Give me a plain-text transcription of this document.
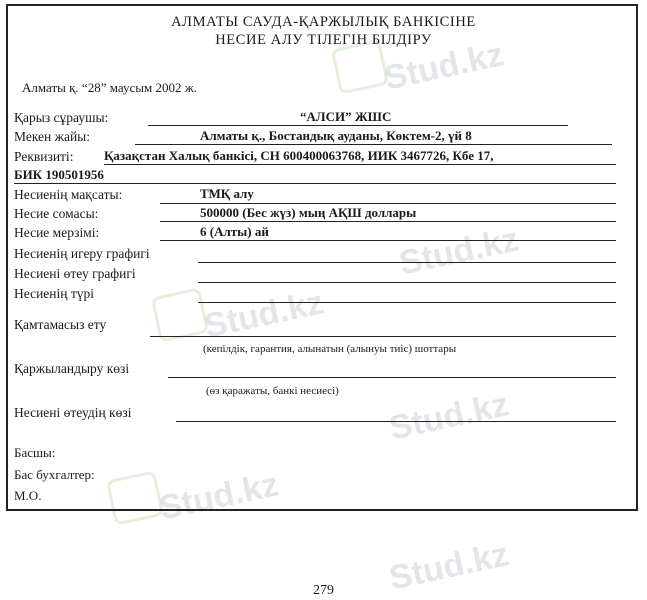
Stud.kz
Stud.kz
Stud.kz
Stud.kz
Stud.kz
Stud.kz
АЛМАТЫ САУДА-ҚАРЖЫЛЫҚ БАНКІСІНЕ
НЕСИЕ АЛУ ТІЛЕГІН БІЛДІРУ
Алматы қ. “28” маусым 2002 ж.
Қарыз сұраушы:	“АЛСИ” ЖШС
Мекен жайы:	Алматы қ., Бостандық ауданы, Көктем-2, үй 8
Реквизиті: Қазақстан Халық банкісі, СН 600400063768, ИИК 3467726, Кбе 17,
БИК 190501956
Несиенің мақсаты:	ТМҚ алу
Несие сомасы:	500000 (Бес жүз) мың АҚШ доллары
Несие мерзімі:	6 (Алты) ай
Несиенің игеру графигі
Несиені өтеу графигі
Несиенің түрі
Қамтамасыз ету
(кепілдік, гарантия, алынатын (алынуы тиіс) шоттары
Қаржыландыру көзі
(өз қаражаты, банкі несиесі)
Несиені өтеудің көзі
Басшы:
Бас бухгалтер:
М.О.
279
